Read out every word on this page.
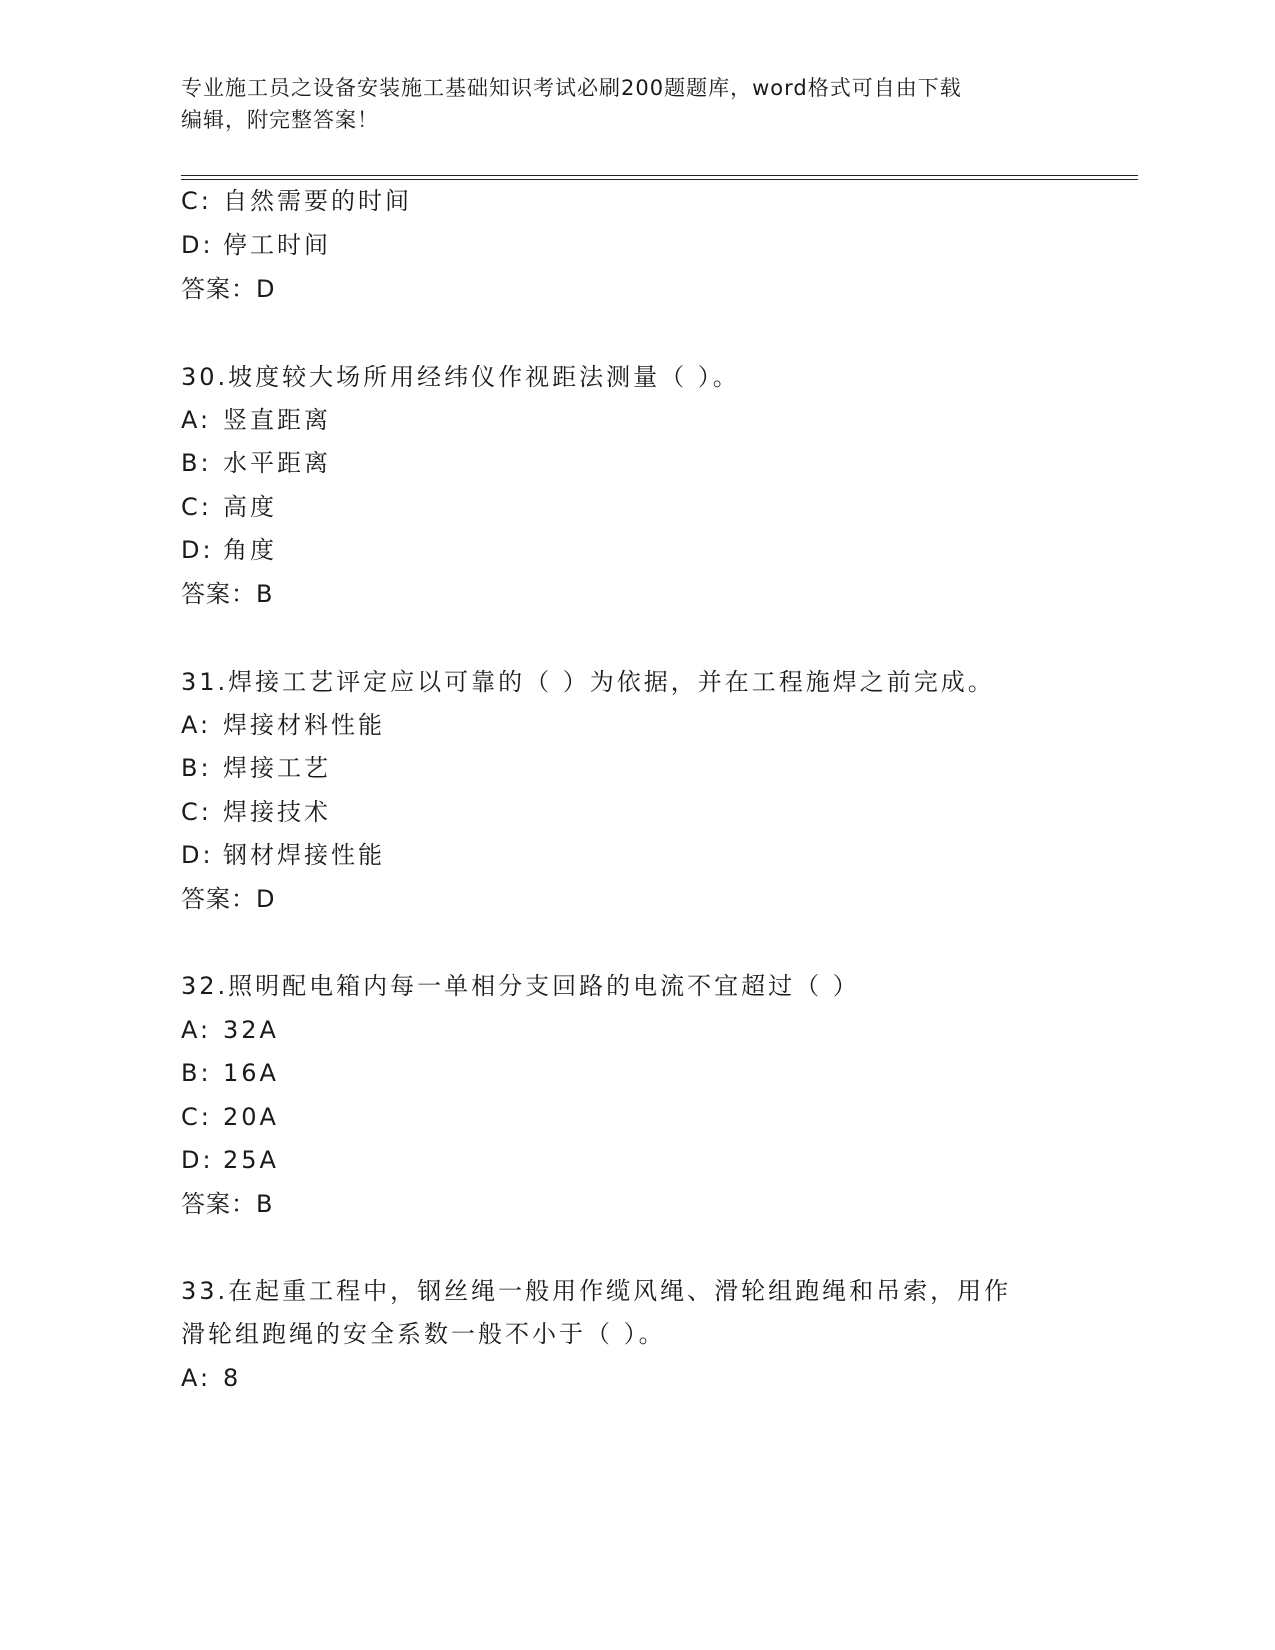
专业施工员之设备安装施工基础知识考试必刷200题题库，word格式可自由下载
编辑，附完整答案！
C: 自然需要的时间
D: 停工时间
答案：D
30.坡度较大场所用经纬仪作视距法测量（ ）。
A: 竖直距离
B: 水平距离
C: 高度
D: 角度
答案：B
31.焊接工艺评定应以可靠的（ ）为依据，并在工程施焊之前完成。
A: 焊接材料性能
B: 焊接工艺
C: 焊接技术
D: 钢材焊接性能
答案：D
32.照明配电箱内每一单相分支回路的电流不宜超过（ ）
A: 32A
B: 16A
C: 20A
D: 25A
答案：B
33.在起重工程中，钢丝绳一般用作缆风绳、滑轮组跑绳和吊索，用作
滑轮组跑绳的安全系数一般不小于（ ）。
A: 8
